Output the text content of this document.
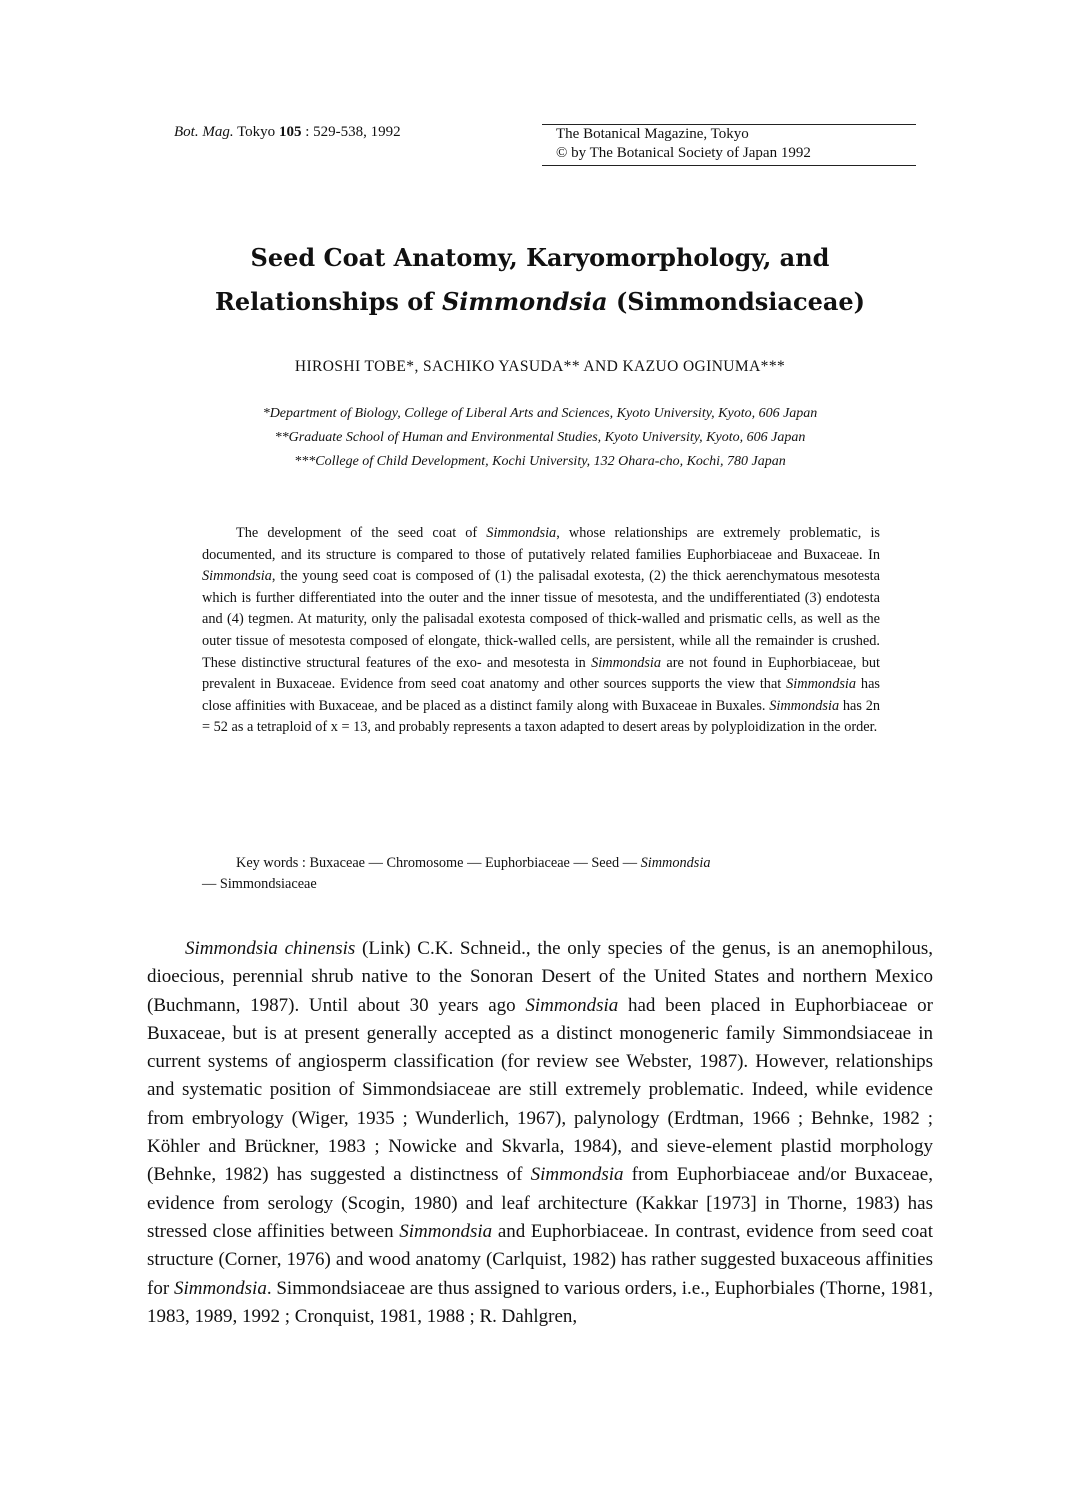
Bot. Mag. Tokyo 105 : 529-538, 1992	The Botanical Magazine, Tokyo
© by The Botanical Society of Japan 1992
Seed Coat Anatomy, Karyomorphology, and
Relationships of Simmondsia (Simmondsiaceae)
HIROSHI TOBE*, SACHIKO YASUDA** AND KAZUO OGINUMA***
*Department of Biology, College of Liberal Arts and Sciences, Kyoto University, Kyoto, 606 Japan
**Graduate School of Human and Environmental Studies, Kyoto University, Kyoto, 606 Japan
***College of Child Development, Kochi University, 132 Ohara-cho, Kochi, 780 Japan

The development of the seed coat of Simmondsia, whose relationships are extremely problematic, is documented, and its structure is compared to those of putatively related families Euphorbiaceae and Buxaceae. In Simmondsia, the young seed coat is composed of (1) the palisadal exotesta, (2) the thick aerenchymatous mesotesta which is further differentiated into the outer and the inner tissue of mesotesta, and the undifferentiated (3) endotesta and (4) tegmen. At maturity, only the palisadal exotesta composed of thick-walled and prismatic cells, as well as the outer tissue of mesotesta composed of elongate, thick-walled cells, are persistent, while all the remainder is crushed. These distinctive structural features of the exo- and mesotesta in Simmondsia are not found in Euphorbiaceae, but prevalent in Buxaceae. Evidence from seed coat anatomy and other sources supports the view that Simmondsia has close affinities with Buxaceae, and be placed as a distinct family along with Buxaceae in Buxales. Simmondsia has 2n = 52 as a tetraploid of x = 13, and probably represents a taxon adapted to desert areas by polyploidization in the order.

Key words : Buxaceae — Chromosome — Euphorbiaceae — Seed — Simmondsia
— Simmondsiaceae

Simmondsia chinensis (Link) C.K. Schneid., the only species of the genus, is an anemophilous, dioecious, perennial shrub native to the Sonoran Desert of the United States and northern Mexico (Buchmann, 1987). Until about 30 years ago Simmondsia had been placed in Euphorbiaceae or Buxaceae, but is at present generally accepted as a distinct monogeneric family Simmondsiaceae in current systems of angiosperm classification (for review see Webster, 1987). However, relationships and systematic position of Simmondsiaceae are still extremely problematic. Indeed, while evidence from embryology (Wiger, 1935 ; Wunderlich, 1967), palynology (Erdtman, 1966 ; Behnke, 1982 ; Köhler and Brückner, 1983 ; Nowicke and Skvarla, 1984), and sieve-element plastid morphology (Behnke, 1982) has suggested a distinctness of Simmondsia from Euphorbiaceae and/or Buxaceae, evidence from serology (Scogin, 1980) and leaf architecture (Kakkar [1973] in Thorne, 1983) has stressed close affinities between Simmondsia and Euphorbiaceae. In contrast, evidence from seed coat structure (Corner, 1976) and wood anatomy (Carlquist, 1982) has rather suggested buxaceous affinities for Simmondsia. Simmondsiaceae are thus assigned to various orders, i.e., Euphorbiales (Thorne, 1981, 1983, 1989, 1992 ; Cronquist, 1981, 1988 ; R. Dahlgren,
